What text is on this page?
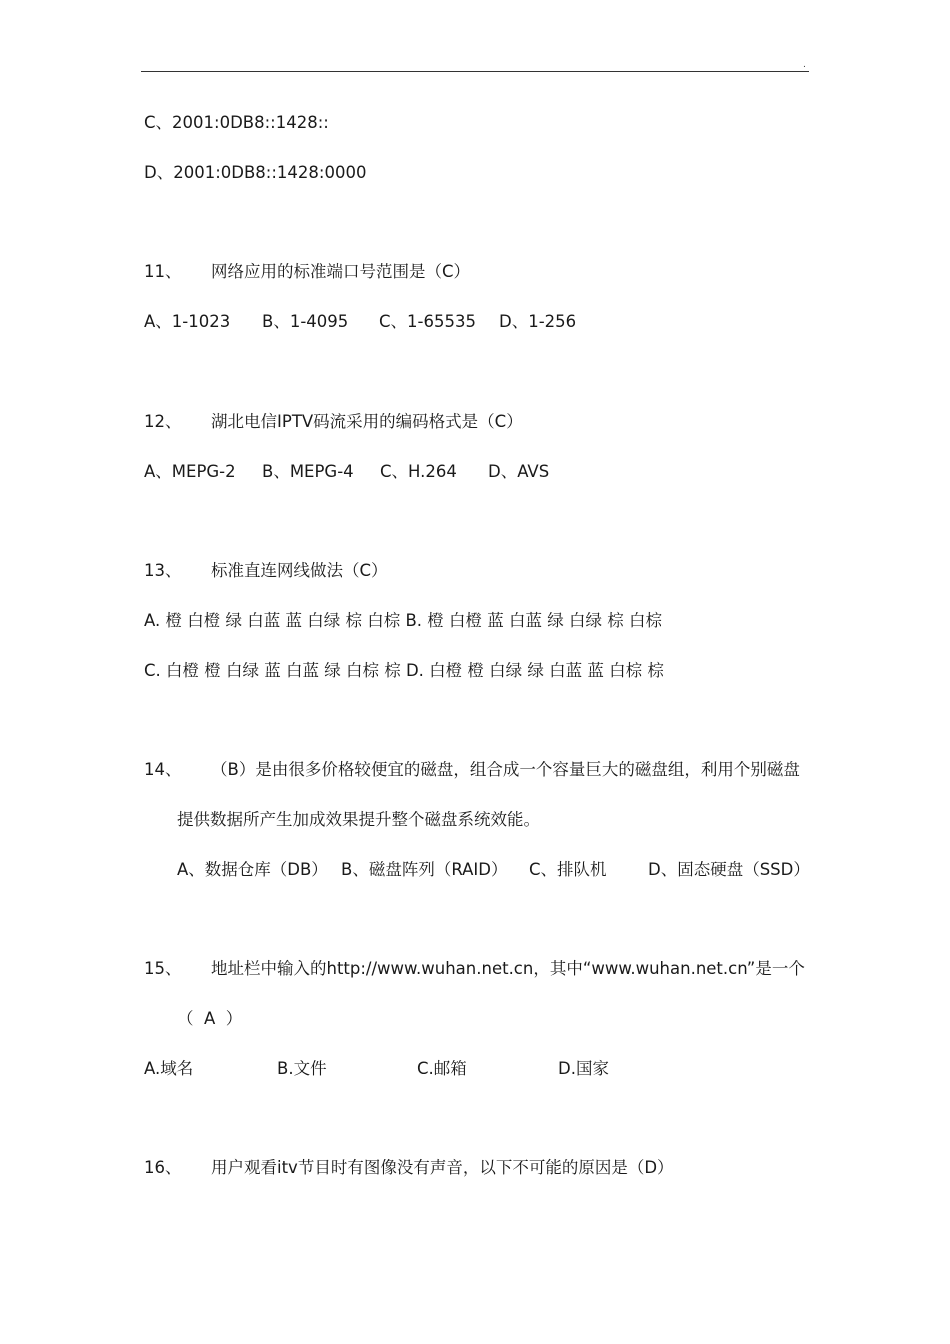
.
C、2001:0DB8::1428::
D、2001:0DB8::1428:0000
11、 网络应用的标准端口号范围是（C）
A、1-1023 B、1-4095 C、1-65535 D、1-256
12、 湖北电信IPTV码流采用的编码格式是（C）
A、MEPG-2 B、MEPG-4 C、H.264 D、AVS
13、 标准直连网线做法（C）
A. 橙 白橙 绿 白蓝 蓝 白绿 棕 白棕 B. 橙 白橙 蓝 白蓝 绿 白绿 棕 白棕
C. 白橙 橙 白绿 蓝 白蓝 绿 白棕 棕 D. 白橙 橙 白绿 绿 白蓝 蓝 白棕 棕
14、 （B）是由很多价格较便宜的磁盘，组合成一个容量巨大的磁盘组，利用个别磁盘
提供数据所产生加成效果提升整个磁盘系统效能。
A、数据仓库（DB） B、磁盘阵列（RAID） C、排队机	D、固态硬盘（SSD）
15、 地址栏中输入的http://www.wuhan.net.cn，其中“www.wuhan.net.cn”是一个
（  A  ）
A.域名	B.文件	C.邮箱	D.国家
16、 用户观看itv节目时有图像没有声音，以下不可能的原因是（D）
